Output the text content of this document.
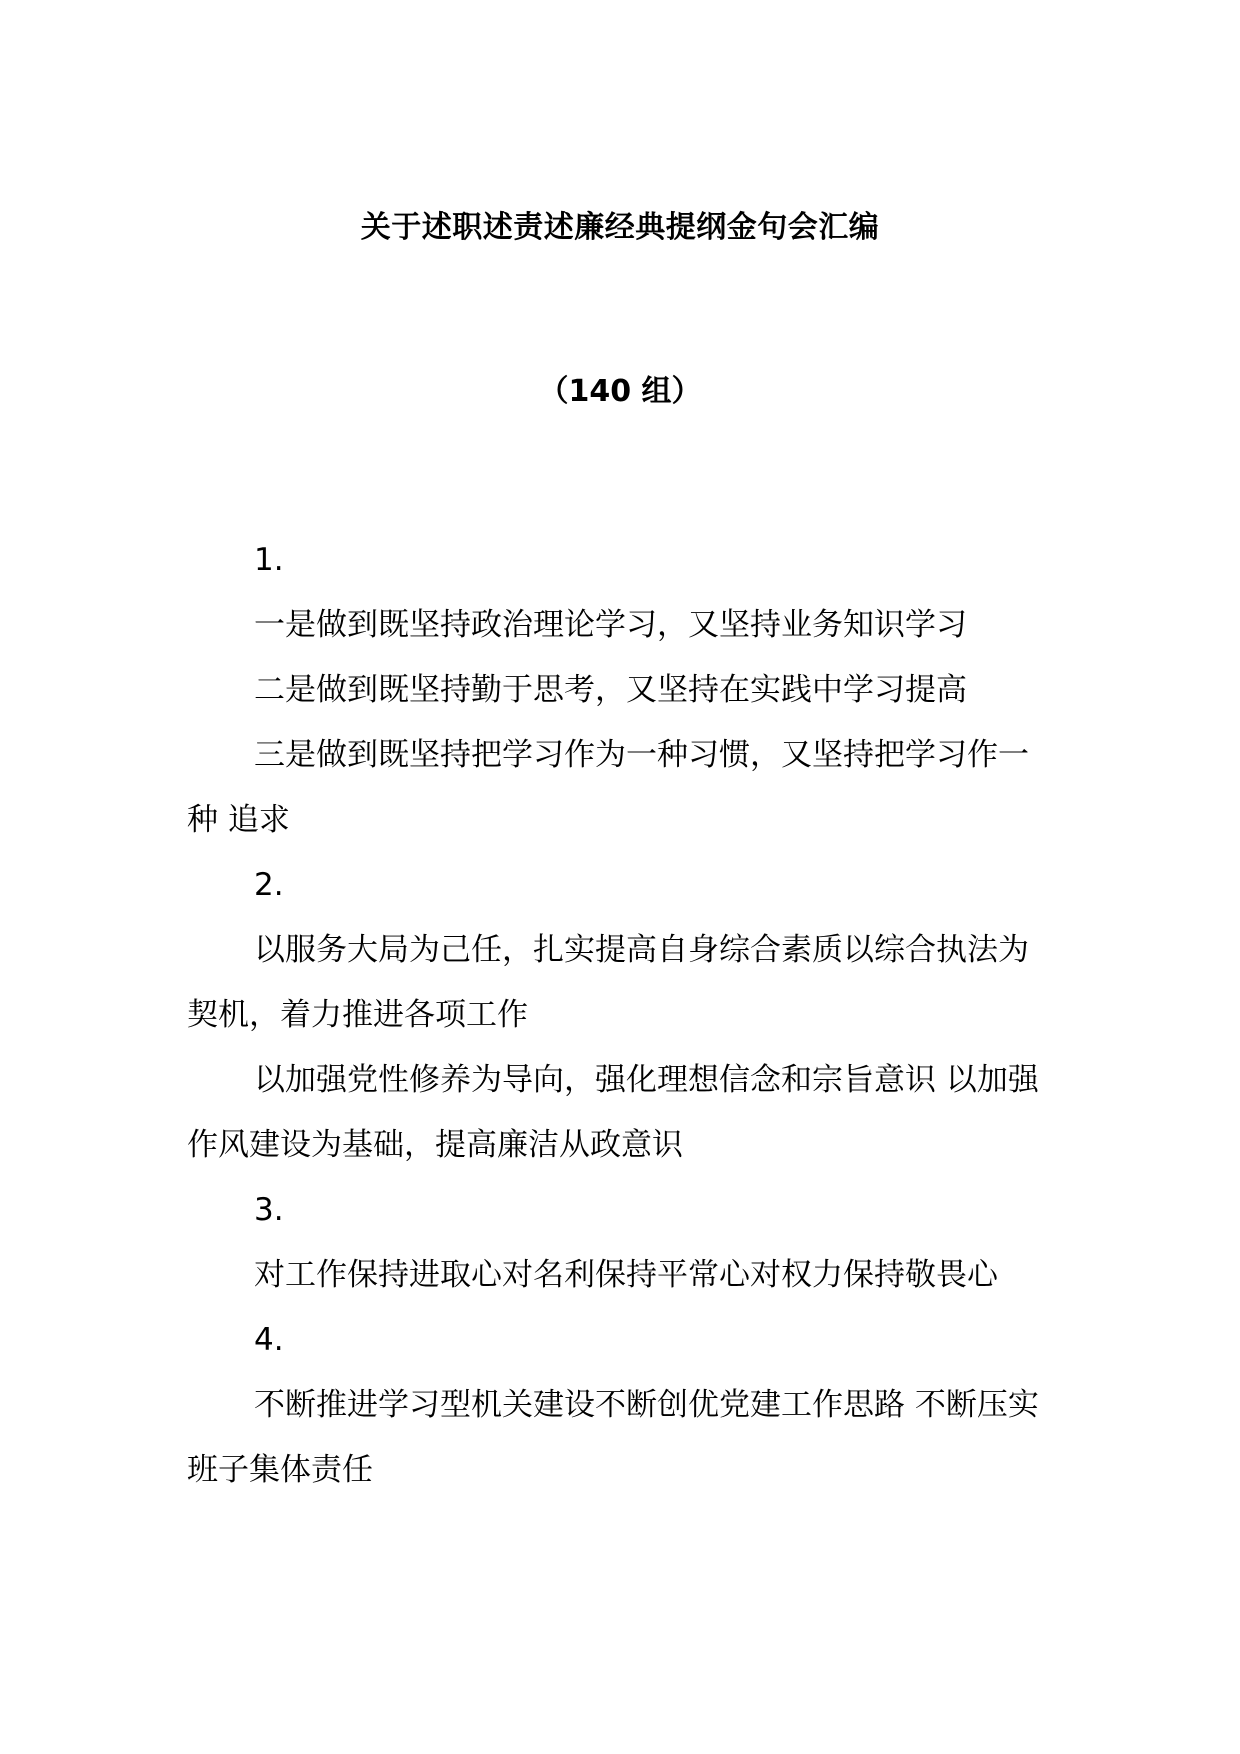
关于述职述责述廉经典提纲金句会汇编
（140 组）

1.

一是做到既坚持政治理论学习，又坚持业务知识学习

二是做到既坚持勤于思考，又坚持在实践中学习提高

三是做到既坚持把学习作为一种习惯，又坚持把学习作一种 追求

2.

以服务大局为己任，扎实提高自身综合素质以综合执法为契机，着力推进各项工作

以加强党性修养为导向，强化理想信念和宗旨意识 以加强作风建设为基础，提高廉洁从政意识

3.

对工作保持进取心对名利保持平常心对权力保持敬畏心

4.

不断推进学习型机关建设不断创优党建工作思路 不断压实班子集体责任
